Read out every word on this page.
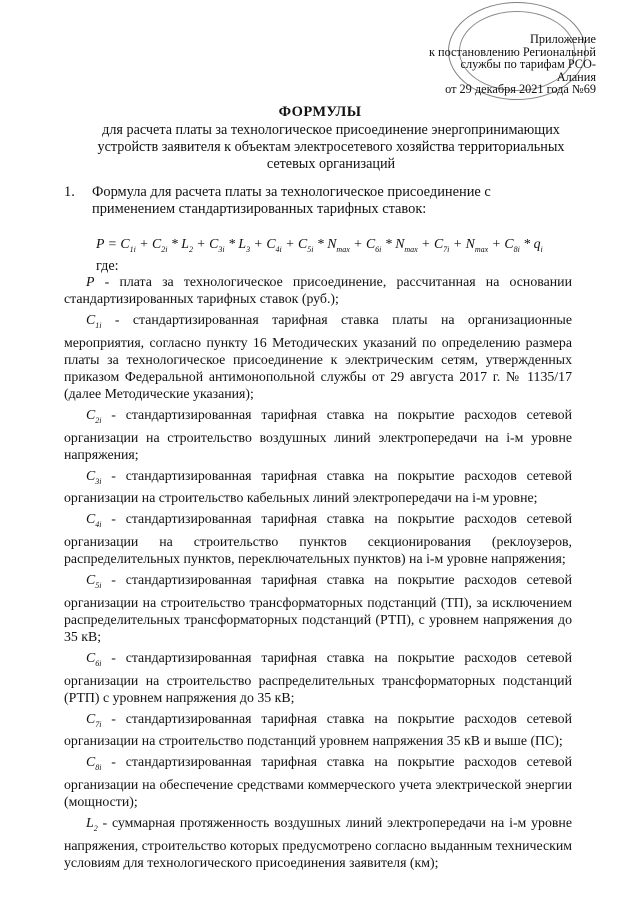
Приложение
к постановлению Региональной
службы по тарифам РСО-
Алания
от 29 декабря 2021 года №69
ФОРМУЛЫ
для расчета платы за технологическое присоединение энергопринимающих устройств заявителя к объектам электросетевого хозяйства территориальных сетевых организаций
1. Формула для расчета платы за технологическое присоединение с
применением стандартизированных тарифных ставок:
$P = C_{1i} + C_{2i} * L_2 + C_{3i} * L_3 + C_{4i} + C_{5i} * N_{max} + C_{6i} * N_{max} + C_{7i} + N_{max} + C_{8i} * q_i$
где:
P - плата за технологическое присоединение, рассчитанная на основании стандартизированных тарифных ставок (руб.);
$C_{1i}$ - стандартизированная тарифная ставка платы на организационные мероприятия, согласно пункту 16 Методических указаний по определению размера платы за технологическое присоединение к электрическим сетям, утвержденных приказом Федеральной антимонопольной службы от 29 августа 2017 г. № 1135/17 (далее Методические указания);
$C_{2i}$ - стандартизированная тарифная ставка на покрытие расходов сетевой организации на строительство воздушных линий электропередачи на i-м уровне напряжения;
$C_{3i}$ - стандартизированная тарифная ставка на покрытие расходов сетевой организации на строительство кабельных линий электропередачи на i-м уровне;
$C_{4i}$ - стандартизированная тарифная ставка на покрытие расходов сетевой организации на строительство пунктов секционирования (реклоузеров, распределительных пунктов, переключательных пунктов) на i-м уровне напряжения;
$C_{5i}$ - стандартизированная тарифная ставка на покрытие расходов сетевой организации на строительство трансформаторных подстанций (ТП), за исключением распределительных трансформаторных подстанций (РТП), с уровнем напряжения до 35 кВ;
$C_{6i}$ - стандартизированная тарифная ставка на покрытие расходов сетевой организации на строительство распределительных трансформаторных подстанций (РТП) с уровнем напряжения до 35 кВ;
$C_{7i}$ - стандартизированная тарифная ставка на покрытие расходов сетевой организации на строительство подстанций уровнем напряжения 35 кВ и выше (ПС);
$C_{8i}$ - стандартизированная тарифная ставка на покрытие расходов сетевой организации на обеспечение средствами коммерческого учета электрической энергии (мощности);
$L_2$ - суммарная протяженность воздушных линий электропередачи на i-м уровне напряжения, строительство которых предусмотрено согласно выданным техническим условиям для технологического присоединения заявителя (км);
